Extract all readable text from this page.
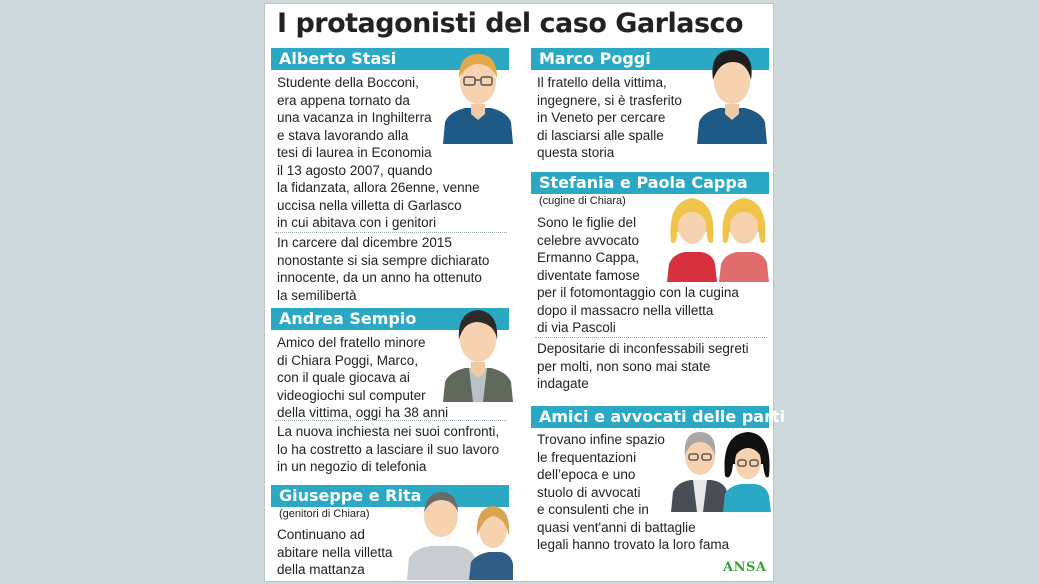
I protagonisti del caso Garlasco
Alberto Stasi

Studente della Bocconi,
era appena tornato da
una vacanza in Inghilterra
e stava lavorando alla
tesi di laurea in Economia
il 13 agosto 2007, quando
la fidanzata, allora 26enne, venne
uccisa nella villetta di Garlasco
in cui abitava con i genitori

In carcere dal dicembre 2015
nonostante si sia sempre dichiarato
innocente, da un anno ha ottenuto
la semilibertà

Andrea Sempio

Amico del fratello minore
di Chiara Poggi, Marco,
con il quale giocava ai
videogiochi sul computer
della vittima, oggi ha 38 anni

La nuova inchiesta nei suoi confronti,
lo ha costretto a lasciare il suo lavoro
in un negozio di telefonia

Giuseppe e Rita
(genitori di Chiara)

Continuano ad
abitare nella villetta
della mattanza

Marco Poggi

Il fratello della vittima,
ingegnere, si è trasferito
in Veneto per cercare
di lasciarsi alle spalle
questa storia

Stefania e Paola Cappa
(cugine di Chiara)

Sono le figlie del
celebre avvocato
Ermanno Cappa,
diventate famose
per il fotomontaggio con la cugina
dopo il massacro nella villetta
di via Pascoli

Depositarie di inconfessabili segreti
per molti, non sono mai state
indagate

Amici e avvocati delle parti

Trovano infine spazio
le frequentazioni
dell’epoca e uno
stuolo di avvocati
e consulenti che in
quasi vent'anni di battaglie
legali hanno trovato la loro fama

ANSA
